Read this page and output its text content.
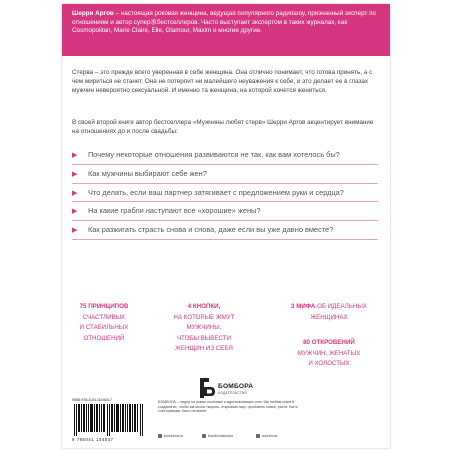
Шерри Аргов – настоящая роковая женщина, ведущая популярного радиошоу, признанный эксперт по отношениям и автор супер承бестселлеров. Часто выступает экспертом в таких журналах, как Cosmopolitan, Marie Claire, Elle, Glamour, Maxim и многие другие.

Стерва – это прежде всего уверенная в себе женщина. Она отлично понимает, что готова принять, а с чем мириться не станет. Она не потерпит ни малейшего неуважения к себе, и это делает ее в глазах мужчин невероятно сексуальной. И именно та женщина, на которой хочется жениться.

В своей второй книге автор бестселлера «Мужчины любят стерв» Шерри Аргов акцентирует внимание на отношениях до и после свадьбы:

▶ Почему некоторые отношения развиваются не так, как вам хотелось бы?
▶ Как мужчины выбирают себе жен?
▶ Что делать, если ваш партнер затягивает с предложением руки и сердца?
▶ На какие грабли наступают все «хорошие» жены?
▶ Как разжигать страсть снова и снова, даже если вы уже давно вместе?
75 ПРИНЦИПОВ
СЧАСТЛИВЫХ
И СТАБИЛЬНЫХ
ОТНОШЕНИЙ
4 КНОПКИ,
НА КОТОРЫЕ ЖМУТ
МУЖЧИНЫ,
ЧТОБЫ ВЫВЕСТИ
ЖЕНЩИН ИЗ СЕБЯ
3 МИФА ОБ ИДЕАЛЬНЫХ
ЖЕНЩИНАХ
80 ОТКРОВЕНИЙ
МУЖЧИН, ЖЕНАТЫХ
И ХОЛОСТЫХ
БОМБОРА
ИЗДАТЕЛЬСТВО
ISBN 978-5-04-110404-7
9 785041 104047
БОМБОРА – лидер на рынке полезных и вдохновляющих книг. Мы любим книги и создаем их, чтобы вы могли творить, открывать мир, пробовать новое, расти. Быть счастливыми. Быть на волне.
bombora.ru	bomborabooks	bombora
